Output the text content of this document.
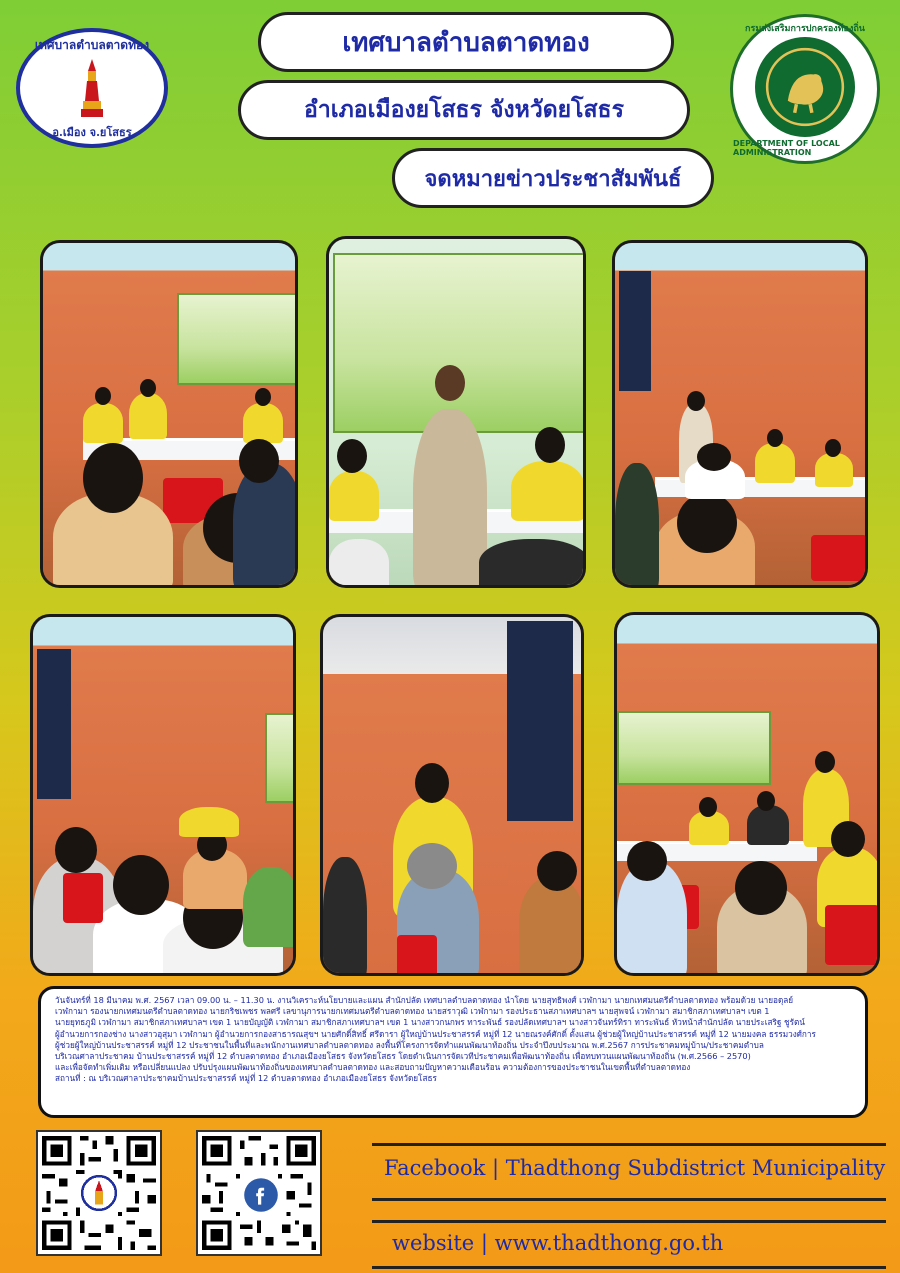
เทศบาลตำบลตาดทอง
อ.เมือง จ.ยโสธร
กรมส่งเสริมการปกครองท้องถิ่น
DEPARTMENT OF LOCAL ADMINISTRATION
เทศบาลตำบลตาดทอง
อำเภอเมืองยโสธร จังหวัดยโสธร
จดหมายข่าวประชาสัมพันธ์
วันจันทร์ที่ 18 มีนาคม พ.ศ. 2567 เวลา 09.00 น. – 11.30 น. งานวิเคราะห์นโยบายและแผน สำนักปลัด เทศบาลตำบลตาดทอง นำโดย นายสุทธิพงศ์ เวฬกามา นายกเทศมนตรีตำบลตาดทอง พร้อมด้วย นายอดุลย์
เวฬกามา รองนายกเทศมนตรีตำบลตาดทอง นายกริชเพชร พลศรี เลขานุการนายกเทศมนตรีตำบลตาดทอง นายสราวุฒิ เวฬกามา รองประธานสภาเทศบาลฯ นายสุพจน์ เวฬกามา สมาชิกสภาเทศบาลฯ เขต 1
นายยุทธภูมิ เวฬกามา สมาชิกสภาเทศบาลฯ เขต 1 นายบัญญัติ เวฬกามา สมาชิกสภาเทศบาลฯ เขต 1 นางสาวกนกพร ทาระพันธ์ รองปลัดเทศบาลฯ นางสาวจันทร์ทิรา ทาระพันธ์ หัวหน้าสำนักปลัด นายประเสริฐ ชูรัตน์
ผู้อำนวยการกองช่าง นางสาวอุสุมา เวฬกามา ผู้อำนวยการกองสาธารณสุขฯ นายศักดิ์สิทธิ์ ศรีดารา ผู้ใหญ่บ้านประชาสรรค์ หมู่ที่ 12 นายณรงค์ศักดิ์ ตั้งแสน ผู้ช่วยผู้ใหญ่บ้านประชาสรรค์ หมู่ที่ 12 นายมงคล ธรรมวงศ์การ
ผู้ช่วยผู้ใหญ่บ้านประชาสรรค์ หมู่ที่ 12 ประชาชนในพื้นที่และพนักงานเทศบาลตำบลตาดทอง ลงพื้นที่โครงการจัดทำแผนพัฒนาท้องถิ่น ประจำปีงบประมาณ พ.ศ.2567 การประชาคมหมู่บ้าน/ประชาคมตำบล
บริเวณศาลาประชาคม บ้านประชาสรรค์ หมู่ที่ 12 ตำบลตาดทอง อำเภอเมืองยโสธร จังหวัดยโสธร โดยดำเนินการจัดเวทีประชาคมเพื่อพัฒนาท้องถิ่น เพื่อทบทวนแผนพัฒนาท้องถิ่น (พ.ศ.2566 – 2570)
และเพื่อจัดทำเพิ่มเติม หรือเปลี่ยนแปลง ปรับปรุงแผนพัฒนาท้องถิ่นของเทศบาลตำบลตาดทอง และสอบถามปัญหาความเดือนร้อน ความต้องการของประชาชนในเขตพื้นที่ตำบลตาดทอง
สถานที่ : ณ บริเวณศาลาประชาคมบ้านประชาสรรค์ หมู่ที่ 12 ตำบลตาดทอง อำเภอเมืองยโสธร จังหวัดยโสธร
Facebook | Thadthong Subdistrict Municipality
website | www.thadthong.go.th
